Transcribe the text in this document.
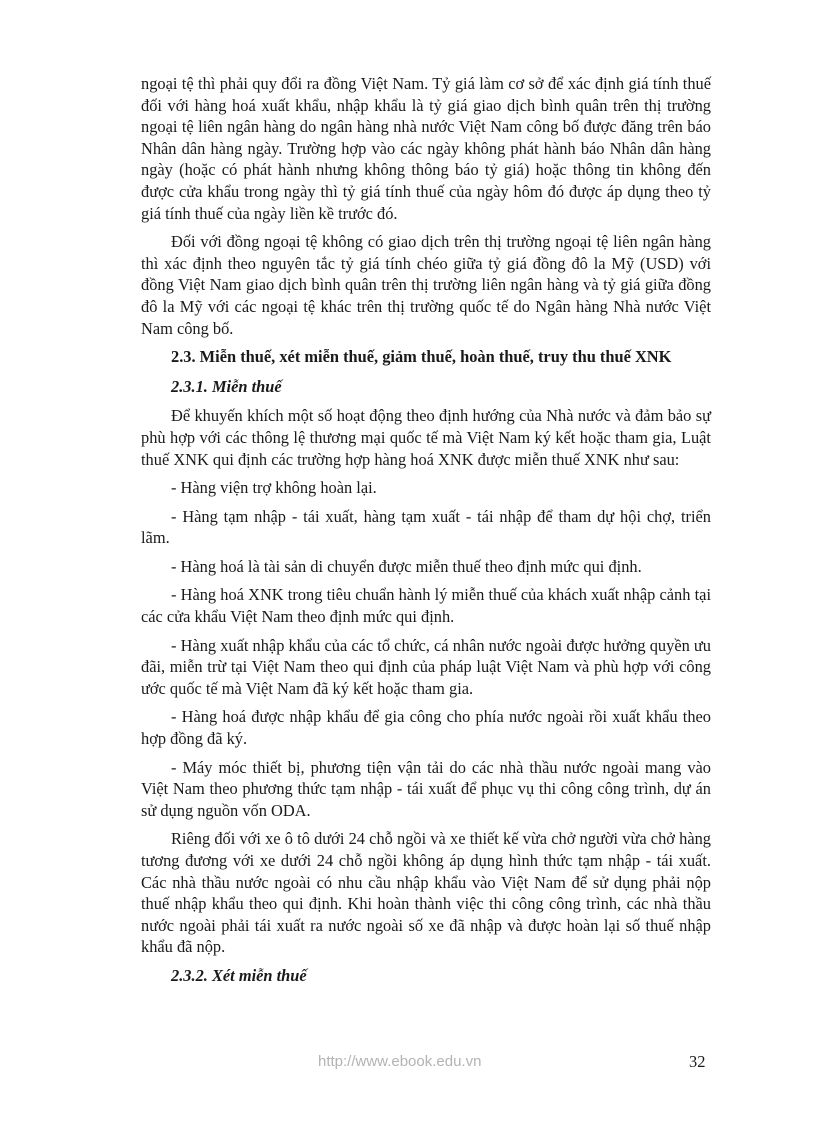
ngoại tệ thì phải quy đổi ra đồng Việt Nam. Tỷ giá làm cơ sở để xác định giá tính thuế đối với hàng hoá xuất khẩu, nhập khẩu là tỷ giá giao dịch bình quân trên thị trường ngoại tệ liên ngân hàng do ngân hàng nhà nước Việt Nam công bố được đăng trên báo Nhân dân hàng ngày. Trường hợp vào các ngày không phát hành báo Nhân dân hàng ngày (hoặc có phát hành nhưng không thông báo tỷ giá) hoặc thông tin không đến được cửa khẩu trong ngày thì tỷ giá tính thuế của ngày hôm đó được áp dụng theo tỷ giá tính thuế của ngày liền kề trước đó.

Đối với đồng ngoại tệ không có giao dịch trên thị trường ngoại tệ liên ngân hàng thì xác định theo nguyên tắc tỷ giá tính chéo giữa tỷ giá đồng đô la Mỹ (USD) với đồng Việt Nam giao dịch bình quân trên thị trường liên ngân hàng và tỷ giá giữa đồng đô la Mỹ với các ngoại tệ khác trên thị trường quốc tế do Ngân hàng Nhà nước Việt Nam công bố.

2.3. Miễn thuế, xét miễn thuế, giảm thuế, hoàn thuế, truy thu thuế XNK

2.3.1. Miễn thuế

Để khuyến khích một số hoạt động theo định hướng của Nhà nước và đảm bảo sự phù hợp với các thông lệ thương mại quốc tế mà Việt Nam ký kết hoặc tham gia, Luật thuế XNK qui định các trường hợp hàng hoá XNK được miễn thuế XNK như sau:

- Hàng viện trợ không hoàn lại.

- Hàng tạm nhập - tái xuất, hàng tạm xuất - tái nhập để tham dự hội chợ, triển lãm.

- Hàng hoá là tài sản di chuyển được miễn thuế theo định mức qui định.

- Hàng hoá XNK trong tiêu chuẩn hành lý miễn thuế của khách xuất nhập cảnh tại các cửa khẩu Việt Nam theo định mức qui định.

- Hàng xuất nhập khẩu của các tổ chức, cá nhân nước ngoài được hưởng quyền ưu đãi, miễn trừ tại Việt Nam theo qui định của pháp luật Việt Nam và phù hợp với công ước quốc tế mà Việt Nam đã ký kết hoặc tham gia.

- Hàng hoá được nhập khẩu để gia công cho phía nước ngoài rồi xuất khẩu theo hợp đồng đã ký.

- Máy móc thiết bị, phương tiện vận tải do các nhà thầu nước ngoài mang vào Việt Nam theo phương thức tạm nhập - tái xuất để phục vụ thi công công trình, dự án sử dụng nguồn vốn ODA.

Riêng đối với xe ô tô dưới 24 chỗ ngồi và xe thiết kế vừa chở người vừa chở hàng tương đương với xe dưới 24 chỗ ngồi không áp dụng hình thức tạm nhập - tái xuất. Các nhà thầu nước ngoài có nhu cầu nhập khẩu vào Việt Nam để sử dụng phải nộp thuế nhập khẩu theo qui định. Khi hoàn thành việc thi công công trình, các nhà thầu nước ngoài phải tái xuất ra nước ngoài số xe đã nhập và được hoàn lại số thuế nhập khẩu đã nộp.

2.3.2. Xét miễn thuế

http://www.ebook.edu.vn	32
